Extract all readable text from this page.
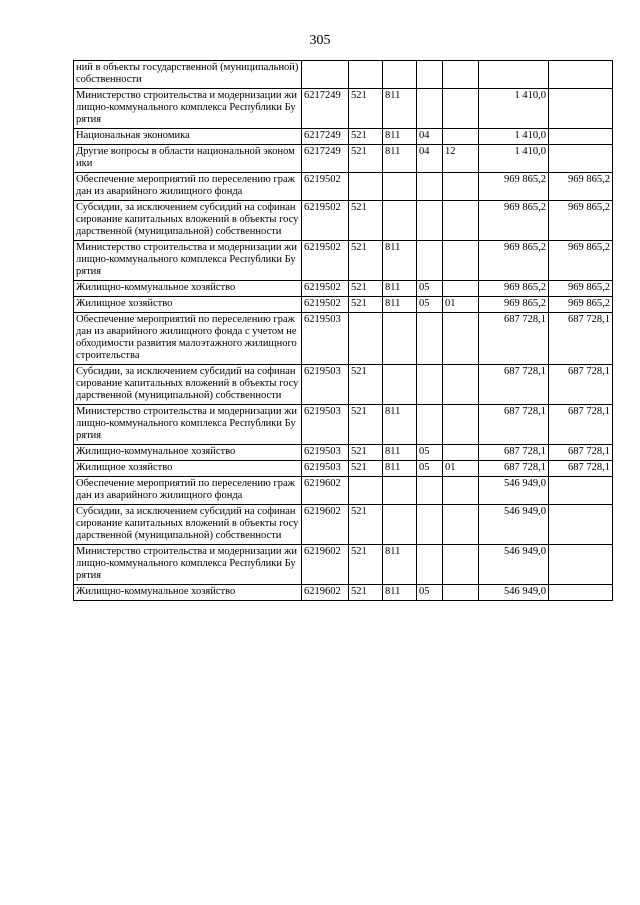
305
ний в объекты государственной (муниципальной) собственности							
Министерство строительства и модернизации жилищно-коммунального комплекса Республики Бурятия	6217249	521	811			1 410,0	
Национальная экономика	6217249	521	811	04		1 410,0	
Другие вопросы в области национальной экономики	6217249	521	811	04	12	1 410,0	
Обеспечение мероприятий по переселению граждан из аварийного жилищного фонда	6219502					969 865,2	969 865,2
Субсидии, за исключением субсидий на софинансирование капитальных вложений в объекты государственной (муниципальной) собственности	6219502	521				969 865,2	969 865,2
Министерство строительства и модернизации жилищно-коммунального комплекса Республики Бурятия	6219502	521	811			969 865,2	969 865,2
Жилищно-коммунальное хозяйство	6219502	521	811	05		969 865,2	969 865,2
Жилищное хозяйство	6219502	521	811	05	01	969 865,2	969 865,2
Обеспечение мероприятий по переселению граждан из аварийного жилищного фонда с учетом необходимости развития малоэтажного жилищного строительства	6219503					687 728,1	687 728,1
Субсидии, за исключением субсидий на софинансирование капитальных вложений в объекты государственной (муниципальной) собственности	6219503	521				687 728,1	687 728,1
Министерство строительства и модернизации жилищно-коммунального комплекса Республики Бурятия	6219503	521	811			687 728,1	687 728,1
Жилищно-коммунальное хозяйство	6219503	521	811	05		687 728,1	687 728,1
Жилищное хозяйство	6219503	521	811	05	01	687 728,1	687 728,1
Обеспечение мероприятий по переселению граждан из аварийного жилищного фонда	6219602					546 949,0	
Субсидии, за исключением субсидий на софинансирование капитальных вложений в объекты государственной (муниципальной) собственности	6219602	521				546 949,0	
Министерство строительства и модернизации жилищно-коммунального комплекса Республики Бурятия	6219602	521	811			546 949,0	
Жилищно-коммунальное хозяйство	6219602	521	811	05		546 949,0	
